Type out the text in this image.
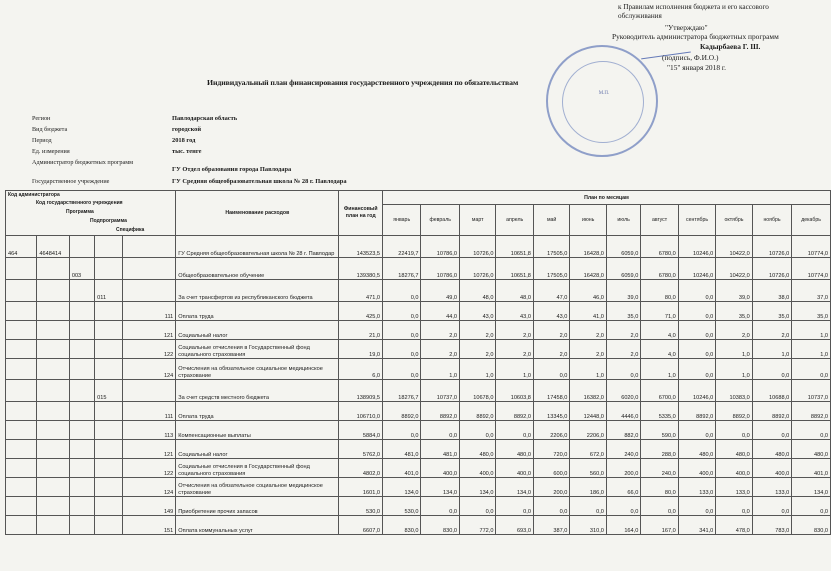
к Правилам исполнения бюджета и его кассового
обслуживания
"Утверждаю"
Руководитель администратора бюджетных программ
Кадырбаева Г. Ш.
(подпись, Ф.И.О.)
"15" января 2018 г.
М.П.
Индивидуальный план финансирования государственного учреждения по обязательствам
Регион	Павлодарская область
Вид бюджета	городской
Период	2018 год
Ед. измерения	тыс. тенге
Администратор бюджетных программ
ГУ Отдел образования города Павлодара
Государственное учреждение	ГУ Средняя общеобразовательная школа № 28 г. Павлодара
Код администратора
Код государственного учреждения
Программа
Подпрограмма
Специфика					Наименование расходов	Финансовый план на год	План по месяцам											
							январь	февраль	март	апрель	май	июнь	июль	август	сентябрь	октябрь	ноябрь	декабрь
464	4648414				ГУ Средняя общеобразовательная школа № 28 г. Павлодар	143523,5	22419,7	10786,0	10726,0	10651,8	17505,0	16428,0	6059,0	6780,0	10246,0	10422,0	10726,0	10774,0
		003			Общеобразовательное обучение	139380,5	18276,7	10786,0	10726,0	10651,8	17505,0	16428,0	6059,0	6780,0	10246,0	10422,0	10726,0	10774,0
			011		За счет трансфертов из республиканского бюджета	471,0	0,0	49,0	48,0	48,0	47,0	46,0	39,0	80,0	0,0	39,0	38,0	37,0
				111	Оплата труда	425,0	0,0	44,0	43,0	43,0	43,0	41,0	35,0	71,0	0,0	35,0	35,0	35,0
				121	Социальный налог	21,0	0,0	2,0	2,0	2,0	2,0	2,0	2,0	4,0	0,0	2,0	2,0	1,0
				122	Социальные отчисления в Государственный фонд социального страхования	19,0	0,0	2,0	2,0	2,0	2,0	2,0	2,0	4,0	0,0	1,0	1,0	1,0
				124	Отчисления на обязательное социальное медицинское страхование	6,0	0,0	1,0	1,0	1,0	0,0	1,0	0,0	1,0	0,0	1,0	0,0	0,0
			015		За счет средств местного бюджета	138909,5	18276,7	10737,0	10678,0	10603,8	17458,0	16382,0	6020,0	6700,0	10246,0	10383,0	10688,0	10737,0
				111	Оплата труда	106710,0	8892,0	8892,0	8892,0	8892,0	13345,0	12448,0	4446,0	5335,0	8892,0	8892,0	8892,0	8892,0
				113	Компенсационные выплаты	5884,0	0,0	0,0	0,0	0,0	2206,0	2206,0	882,0	590,0	0,0	0,0	0,0	0,0
				121	Социальный налог	5762,0	481,0	481,0	480,0	480,0	720,0	672,0	240,0	288,0	480,0	480,0	480,0	480,0
				122	Социальные отчисления в Государственный фонд социального страхования	4802,0	401,0	400,0	400,0	400,0	600,0	560,0	200,0	240,0	400,0	400,0	400,0	401,0
				124	Отчисления на обязательное социальное медицинское страхование	1601,0	134,0	134,0	134,0	134,0	200,0	186,0	66,0	80,0	133,0	133,0	133,0	134,0
				149	Приобретение прочих запасов	530,0	530,0	0,0	0,0	0,0	0,0	0,0	0,0	0,0	0,0	0,0	0,0	0,0
				151	Оплата коммунальных услуг	6607,0	830,0	830,0	772,0	693,0	387,0	310,0	164,0	167,0	341,0	478,0	783,0	830,0
